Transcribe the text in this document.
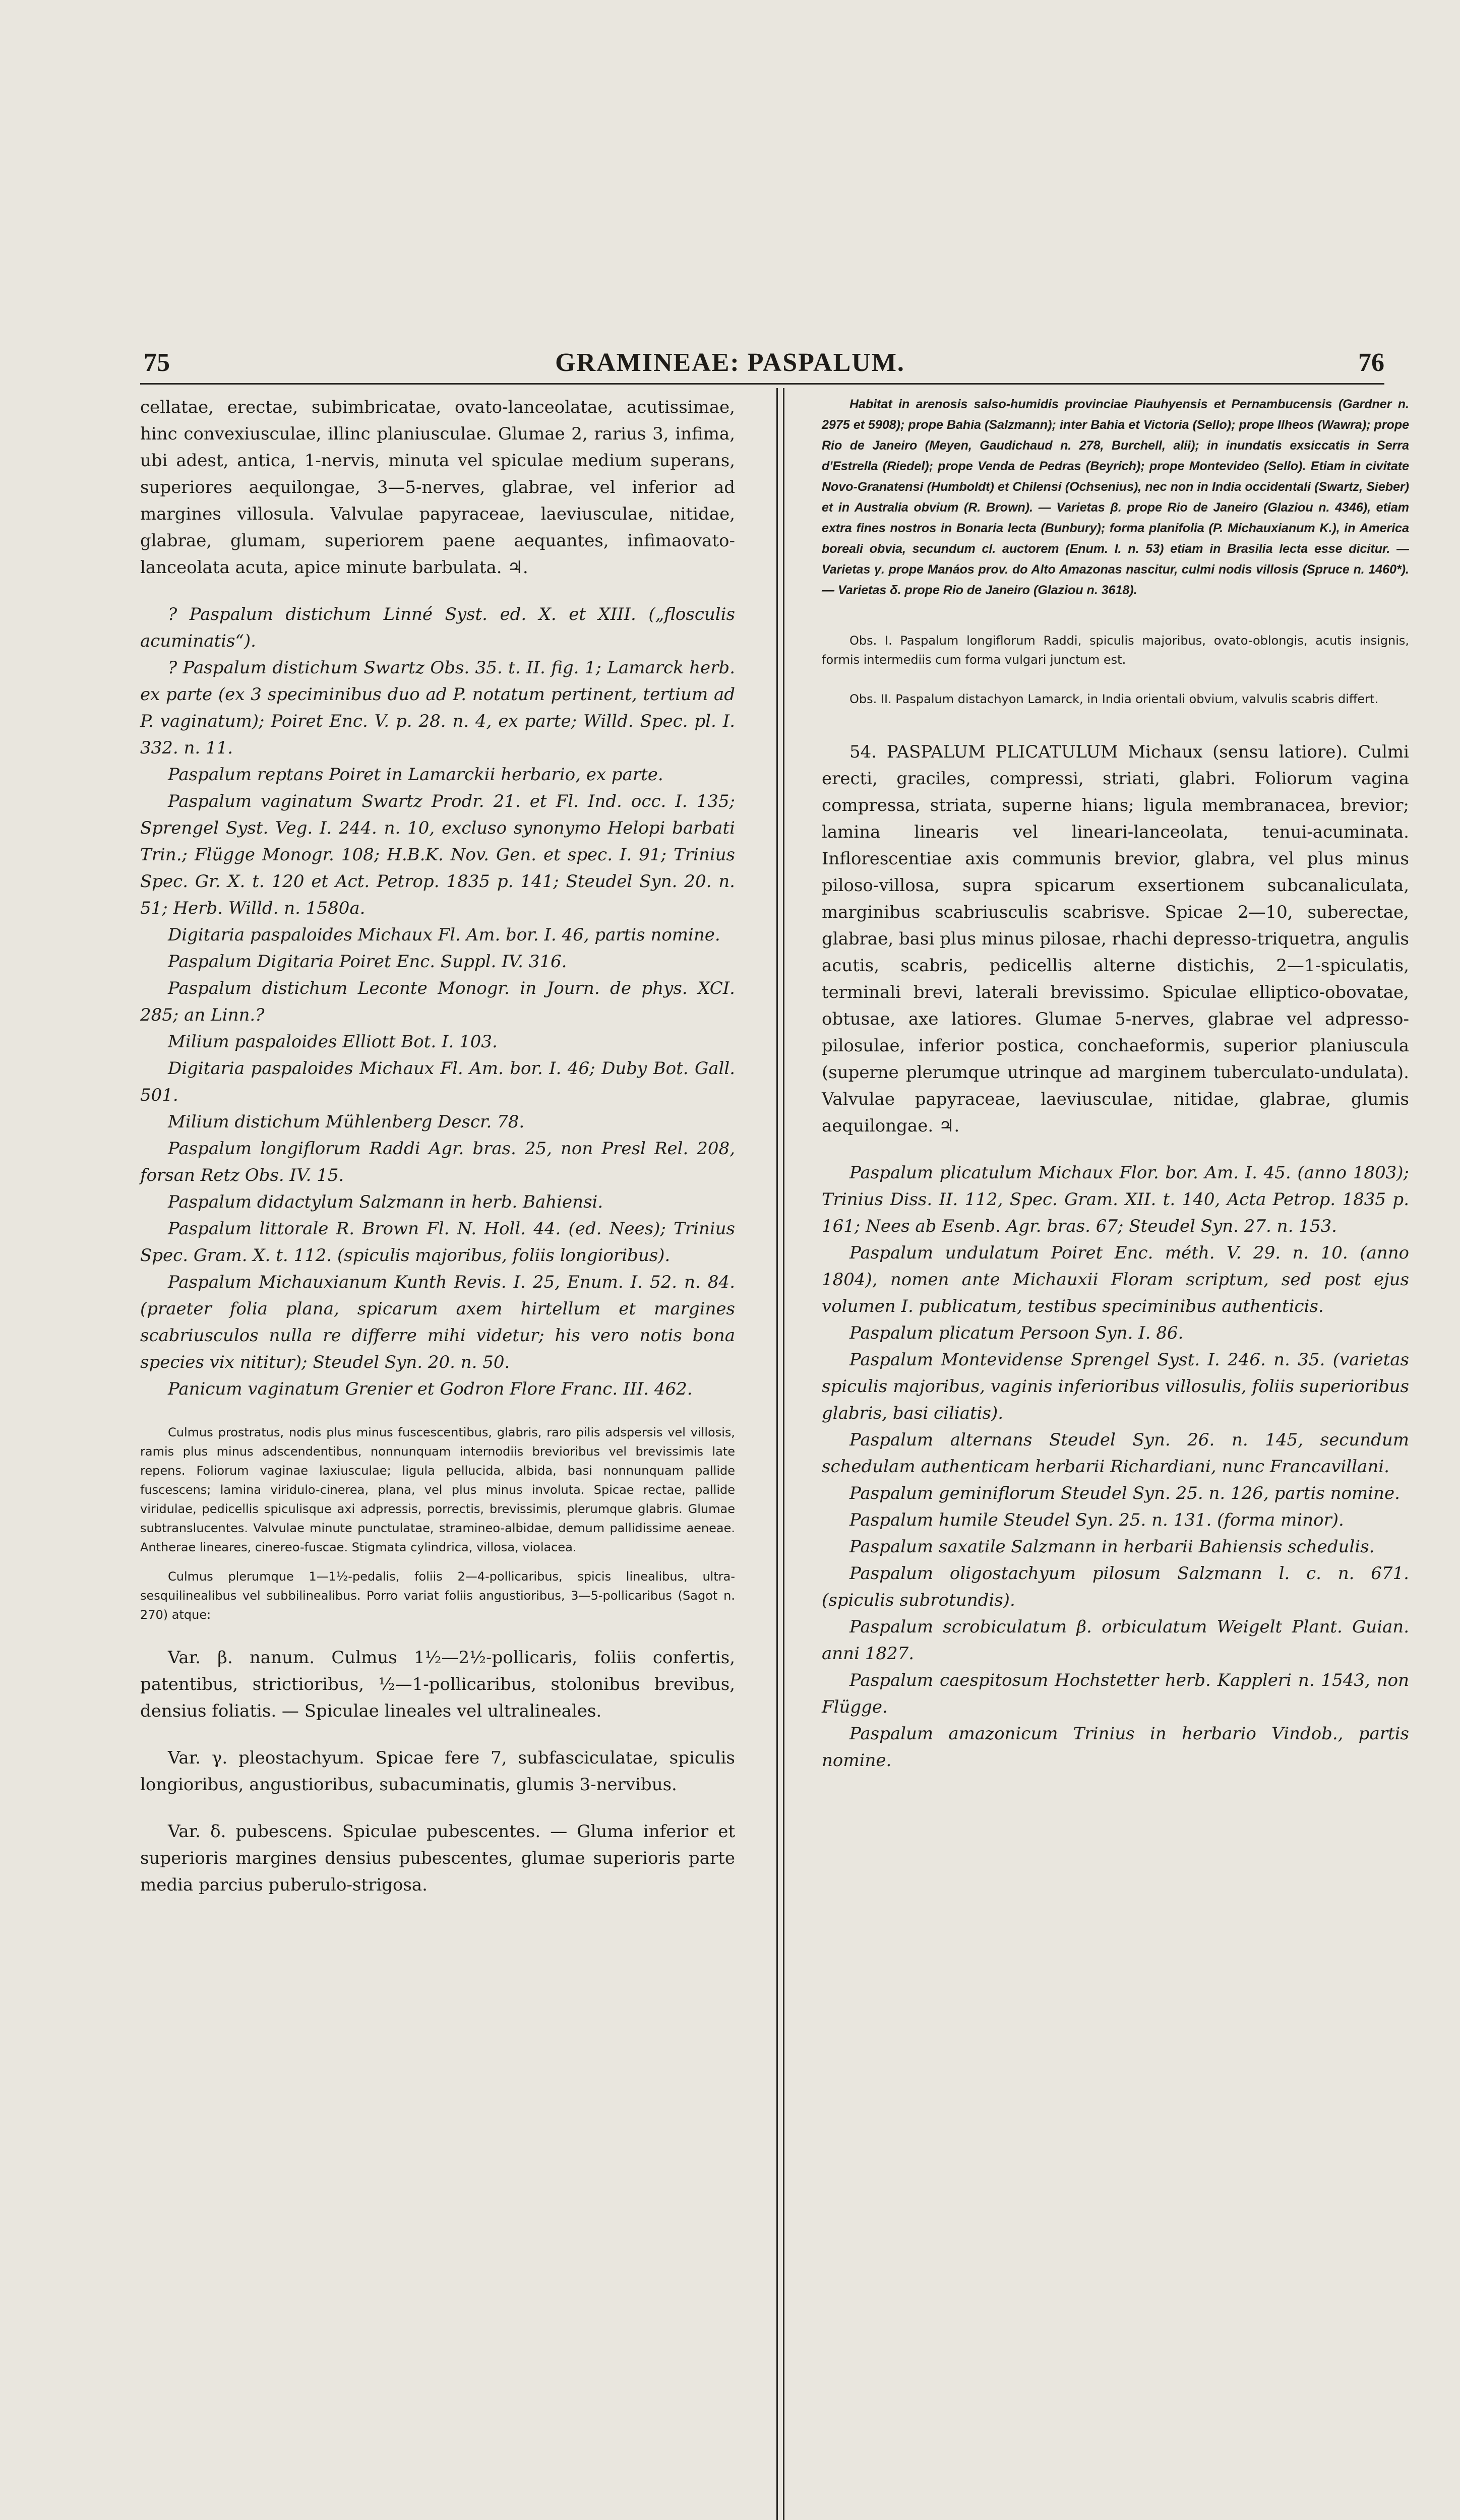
75	GRAMINEAE: PASPALUM.	76

cellatae, erectae, subimbricatae, ovato-lanceolatae, acutissimae, hinc convexiusculae, illinc planiusculae. Glumae 2, rarius 3, infima, ubi adest, antica, 1-nervis, minuta vel spiculae medium superans, superiores aequilongae, 3—5-nerves, glabrae, vel inferior ad margines villosula. Valvulae papyraceae, laeviusculae, nitidae, glabrae, glumam, superiorem paene aequantes, infimaovato-lanceolata acuta, apice minute barbulata. ♃.

? Paspalum distichum Linné Syst. ed. X. et XIII. („flosculis acuminatis“).

? Paspalum distichum Swartz Obs. 35. t. II. fig. 1; Lamarck herb. ex parte (ex 3 speciminibus duo ad P. notatum pertinent, tertium ad P. vaginatum); Poiret Enc. V. p. 28. n. 4, ex parte; Willd. Spec. pl. I. 332. n. 11.

Paspalum reptans Poiret in Lamarckii herbario, ex parte.

Paspalum vaginatum Swartz Prodr. 21. et Fl. Ind. occ. I. 135; Sprengel Syst. Veg. I. 244. n. 10, excluso synonymo Helopi barbati Trin.; Flügge Monogr. 108; H.B.K. Nov. Gen. et spec. I. 91; Trinius Spec. Gr. X. t. 120 et Act. Petrop. 1835 p. 141; Steudel Syn. 20. n. 51; Herb. Willd. n. 1580a.

Digitaria paspaloides Michaux Fl. Am. bor. I. 46, partis nomine.

Paspalum Digitaria Poiret Enc. Suppl. IV. 316.

Paspalum distichum Leconte Monogr. in Journ. de phys. XCI. 285; an Linn.?

Milium paspaloides Elliott Bot. I. 103.

Digitaria paspaloides Michaux Fl. Am. bor. I. 46; Duby Bot. Gall. 501.

Milium distichum Mühlenberg Descr. 78.

Paspalum longiflorum Raddi Agr. bras. 25, non Presl Rel. 208, forsan Retz Obs. IV. 15.

Paspalum didactylum Salzmann in herb. Bahiensi.

Paspalum littorale R. Brown Fl. N. Holl. 44. (ed. Nees); Trinius Spec. Gram. X. t. 112. (spiculis majoribus, foliis longioribus).

Paspalum Michauxianum Kunth Revis. I. 25, Enum. I. 52. n. 84. (praeter folia plana, spicarum axem hirtellum et margines scabriusculos nulla re differre mihi videtur; his vero notis bona species vix nititur); Steudel Syn. 20. n. 50.

Panicum vaginatum Grenier et Godron Flore Franc. III. 462.

Culmus prostratus, nodis plus minus fuscescentibus, glabris, raro pilis adspersis vel villosis, ramis plus minus adscendentibus, nonnunquam internodiis brevioribus vel brevissimis late repens. Foliorum vaginae laxiusculae; ligula pellucida, albida, basi nonnunquam pallide fuscescens; lamina viridulo-cinerea, plana, vel plus minus involuta. Spicae rectae, pallide viridulae, pedicellis spiculisque axi adpressis, porrectis, brevissimis, plerumque glabris. Glumae subtranslucentes. Valvulae minute punctulatae, stramineo-albidae, demum pallidissime aeneae. Antherae lineares, cinereo-fuscae. Stigmata cylindrica, villosa, violacea.

Culmus plerumque 1—1½-pedalis, foliis 2—4-pollicaribus, spicis linealibus, ultra-sesquilinealibus vel subbilinealibus. Porro variat foliis angustioribus, 3—5-pollicaribus (Sagot n. 270) atque:

Var. β. nanum. Culmus 1½—2½-pollicaris, foliis confertis, patentibus, strictioribus, ½—1-pollicaribus, stolonibus brevibus, densius foliatis. — Spiculae lineales vel ultralineales.

Var. γ. pleostachyum. Spicae fere 7, subfasciculatae, spiculis longioribus, angustioribus, subacuminatis, glumis 3-nervibus.

Var. δ. pubescens. Spiculae pubescentes. — Gluma inferior et superioris margines densius pubescentes, glumae superioris parte media parcius puberulo-strigosa.

Habitat in arenosis salso-humidis provinciae Piauhyensis et Pernambucensis (Gardner n. 2975 et 5908); prope Bahia (Salzmann); inter Bahia et Victoria (Sello); prope Ilheos (Wawra); prope Rio de Janeiro (Meyen, Gaudichaud n. 278, Burchell, alii); in inundatis exsiccatis in Serra d'Estrella (Riedel); prope Venda de Pedras (Beyrich); prope Montevideo (Sello). Etiam in civitate Novo-Granatensi (Humboldt) et Chilensi (Ochsenius), nec non in India occidentali (Swartz, Sieber) et in Australia obvium (R. Brown). — Varietas β. prope Rio de Janeiro (Glaziou n. 4346), etiam extra fines nostros in Bonaria lecta (Bunbury); forma planifolia (P. Michauxianum K.), in America boreali obvia, secundum cl. auctorem (Enum. I. n. 53) etiam in Brasilia lecta esse dicitur. — Varietas γ. prope Manáos prov. do Alto Amazonas nascitur, culmi nodis villosis (Spruce n. 1460*). — Varietas δ. prope Rio de Janeiro (Glaziou n. 3618).

Obs. I. Paspalum longiflorum Raddi, spiculis majoribus, ovato-oblongis, acutis insignis, formis intermediis cum forma vulgari junctum est.

Obs. II. Paspalum distachyon Lamarck, in India orientali obvium, valvulis scabris differt.

54. PASPALUM PLICATULUM Michaux (sensu latiore). Culmi erecti, graciles, compressi, striati, glabri. Foliorum vagina compressa, striata, superne hians; ligula membranacea, brevior; lamina linearis vel lineari-lanceolata, tenui-acuminata. Inflorescentiae axis communis brevior, glabra, vel plus minus piloso-villosa, supra spicarum exsertionem subcanaliculata, marginibus scabriusculis scabrisve. Spicae 2—10, suberectae, glabrae, basi plus minus pilosae, rhachi depresso-triquetra, angulis acutis, scabris, pedicellis alterne distichis, 2—1-spiculatis, terminali brevi, laterali brevissimo. Spiculae elliptico-obovatae, obtusae, axe latiores. Glumae 5-nerves, glabrae vel adpresso-pilosulae, inferior postica, conchaeformis, superior planiuscula (superne plerumque utrinque ad marginem tuberculato-undulata). Valvulae papyraceae, laeviusculae, nitidae, glabrae, glumis aequilongae. ♃.

Paspalum plicatulum Michaux Flor. bor. Am. I. 45. (anno 1803); Trinius Diss. II. 112, Spec. Gram. XII. t. 140, Acta Petrop. 1835 p. 161; Nees ab Esenb. Agr. bras. 67; Steudel Syn. 27. n. 153.

Paspalum undulatum Poiret Enc. méth. V. 29. n. 10. (anno 1804), nomen ante Michauxii Floram scriptum, sed post ejus volumen I. publicatum, testibus speciminibus authenticis.

Paspalum plicatum Persoon Syn. I. 86.

Paspalum Montevidense Sprengel Syst. I. 246. n. 35. (varietas spiculis majoribus, vaginis inferioribus villosulis, foliis superioribus glabris, basi ciliatis).

Paspalum alternans Steudel Syn. 26. n. 145, secundum schedulam authenticam herbarii Richardiani, nunc Francavillani.

Paspalum geminiflorum Steudel Syn. 25. n. 126, partis nomine.

Paspalum humile Steudel Syn. 25. n. 131. (forma minor).

Paspalum saxatile Salzmann in herbarii Bahiensis schedulis.

Paspalum oligostachyum pilosum Salzmann l. c. n. 671. (spiculis subrotundis).

Paspalum scrobiculatum β. orbiculatum Weigelt Plant. Guian. anni 1827.

Paspalum caespitosum Hochstetter herb. Kappleri n. 1543, non Flügge.

Paspalum amazonicum Trinius in herbario Vindob., partis nomine.
